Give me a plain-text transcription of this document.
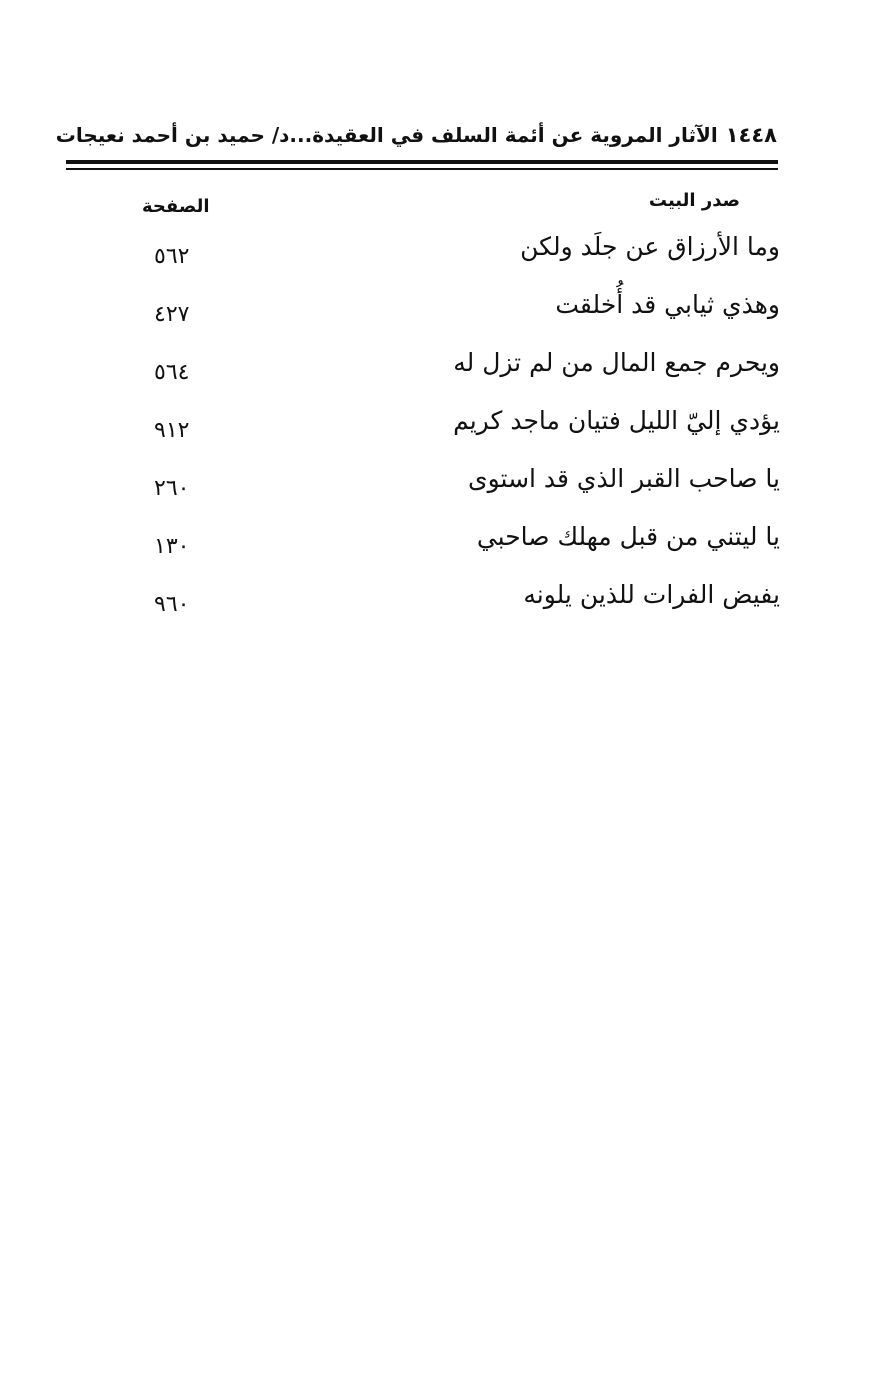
١٤٤٨
الآثار المروية عن أئمة السلف في العقيدة...د/ حميد بن أحمد نعيجات
صدر البيت
الصفحة
وما الأرزاق عن جلَد ولكن
٥٦٢
وهذي ثيابي قد أُخلقت
٤٢٧
ويحرم جمع المال من لم تزل له
٥٦٤
يؤدي إليّ الليل فتيان ماجد كريم
٩١٢
يا صاحب القبر الذي قد استوى
٢٦٠
يا ليتني من قبل مهلك صاحبي
١٣٠
يفيض الفرات للذين يلونه
٩٦٠
